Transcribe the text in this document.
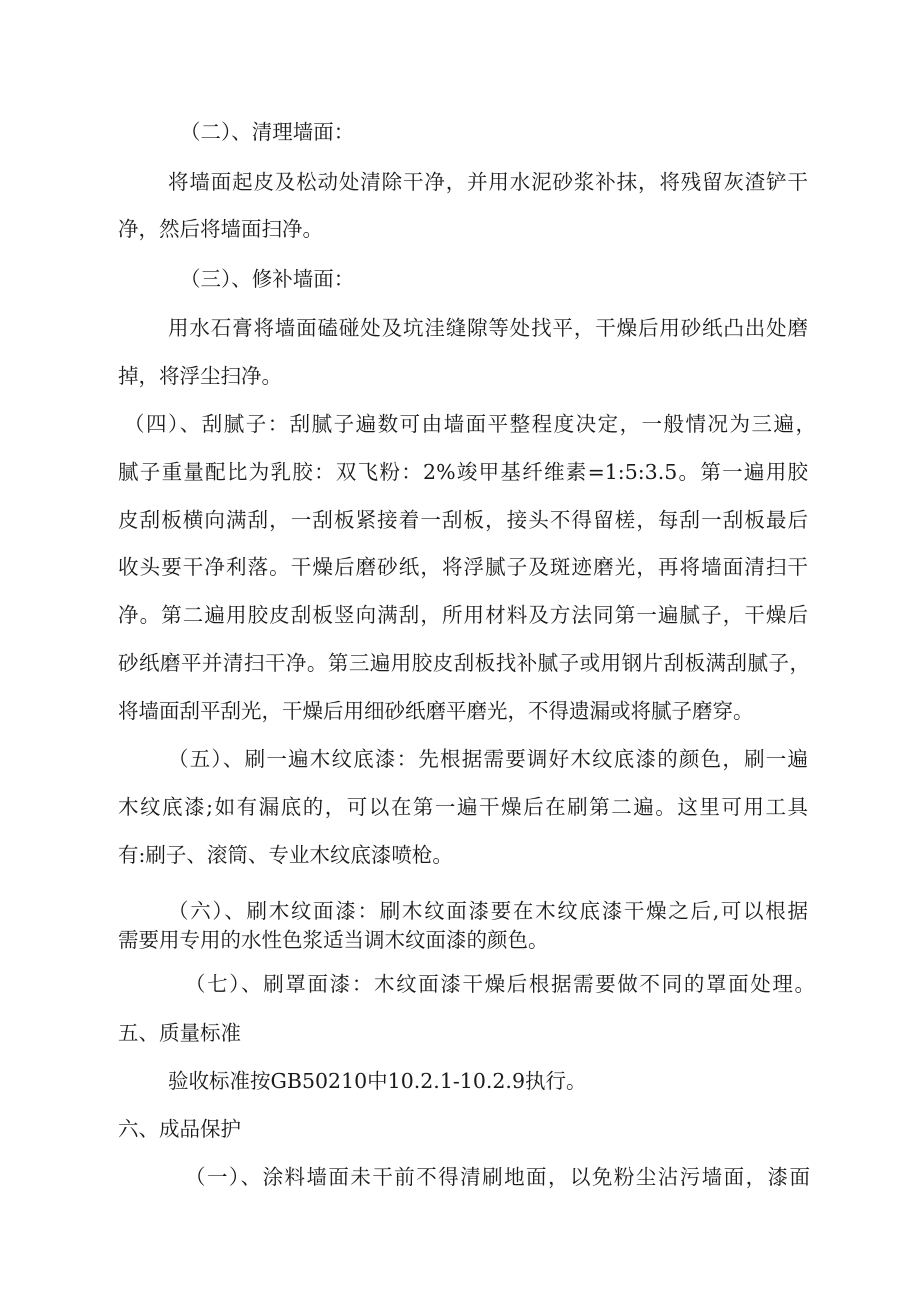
（二）、清理墙面：

将墙面起皮及松动处清除干净，并用水泥砂浆补抹，将残留灰渣铲干

净，然后将墙面扫净。

（三）、修补墙面：

用水石膏将墙面磕碰处及坑洼缝隙等处找平，干燥后用砂纸凸出处磨

掉，将浮尘扫净。

（四）、刮腻子：刮腻子遍数可由墙面平整程度决定，一般情况为三遍，

腻子重量配比为乳胶：双飞粉：2%竣甲基纤维素=1:5:3.5。第一遍用胶

皮刮板横向满刮，一刮板紧接着一刮板，接头不得留槎，每刮一刮板最后

收头要干净利落。干燥后磨砂纸，将浮腻子及斑迹磨光，再将墙面清扫干

净。第二遍用胶皮刮板竖向满刮，所用材料及方法同第一遍腻子，干燥后

砂纸磨平并清扫干净。第三遍用胶皮刮板找补腻子或用钢片刮板满刮腻子，

将墙面刮平刮光，干燥后用细砂纸磨平磨光，不得遗漏或将腻子磨穿。

（五）、刷一遍木纹底漆：先根据需要调好木纹底漆的颜色，刷一遍

木纹底漆;如有漏底的，可以在第一遍干燥后在刷第二遍。这里可用工具

有:刷子、滚筒、专业木纹底漆喷枪。

（六）、刷木纹面漆：刷木纹面漆要在木纹底漆干燥之后,可以根据

需要用专用的水性色浆适当调木纹面漆的颜色。

（七）、刷罩面漆：木纹面漆干燥后根据需要做不同的罩面处理。

五、质量标准

验收标准按GB50210中10.2.1-10.2.9执行。

六、成品保护

（一）、涂料墙面未干前不得清刷地面，以免粉尘沾污墙面，漆面
